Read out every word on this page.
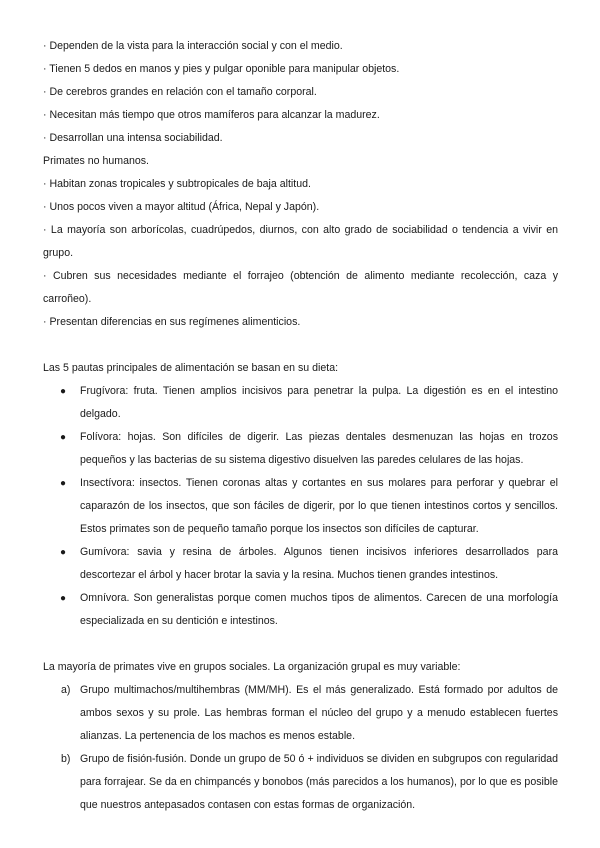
· Dependen de la vista para la interacción social y con el medio.
· Tienen 5 dedos en manos y pies y pulgar oponible para manipular objetos.
· De cerebros grandes en relación con el tamaño corporal.
· Necesitan más tiempo que otros mamíferos para alcanzar la madurez.
· Desarrollan una intensa sociabilidad.
Primates no humanos.
· Habitan zonas tropicales y subtropicales de baja altitud.
· Unos pocos viven a mayor altitud (África, Nepal y Japón).
· La mayoría son arborícolas, cuadrúpedos, diurnos, con alto grado de sociabilidad o tendencia a vivir en grupo.
· Cubren sus necesidades mediante el forrajeo (obtención de alimento mediante recolección, caza y carroñeo).
· Presentan diferencias en sus regímenes alimenticios.
Las 5 pautas principales de alimentación se basan en su dieta:
● Frugívora: fruta. Tienen amplios incisivos para penetrar la pulpa. La digestión es en el intestino delgado.
● Folívora: hojas. Son difíciles de digerir. Las piezas dentales desmenuzan las hojas en trozos pequeños y las bacterias de su sistema digestivo disuelven las paredes celulares de las hojas.
● Insectívora: insectos. Tienen coronas altas y cortantes en sus molares para perforar y quebrar el caparazón de los insectos, que son fáciles de digerir, por lo que tienen intestinos cortos y sencillos. Estos primates son de pequeño tamaño porque los insectos son difíciles de capturar.
● Gumívora: savia y resina de árboles. Algunos tienen incisivos inferiores desarrollados para descortezar el árbol y hacer brotar la savia y la resina. Muchos tienen grandes intestinos.
● Omnívora. Son generalistas porque comen muchos tipos de alimentos. Carecen de una morfología especializada en su dentición e intestinos.
La mayoría de primates vive en grupos sociales. La organización grupal es muy variable:
a) Grupo multimachos/multihembras (MM/MH). Es el más generalizado. Está formado por adultos de ambos sexos y su prole. Las hembras forman el núcleo del grupo y a menudo establecen fuertes alianzas. La pertenencia de los machos es menos estable.
b) Grupo de fisión-fusión. Donde un grupo de 50 ó + individuos se dividen en subgrupos con regularidad para forrajear. Se da en chimpancés y bonobos (más parecidos a los humanos), por lo que es posible que nuestros antepasados contasen con estas formas de organización.
